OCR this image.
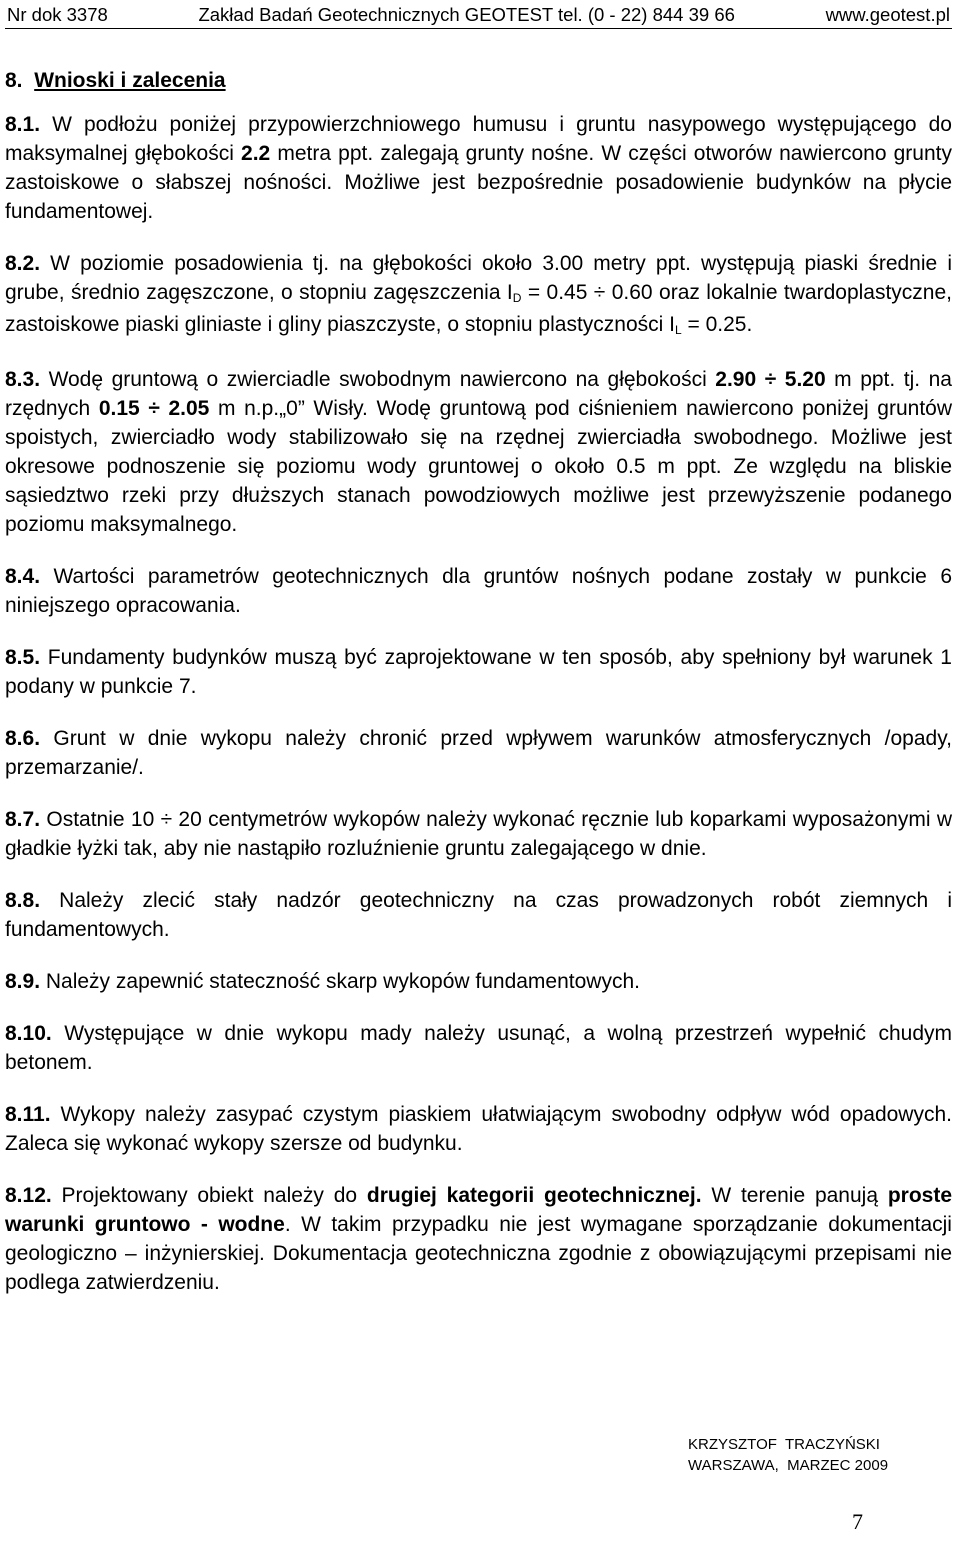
Nr dok 3378	Zakład Badań Geotechnicznych GEOTEST tel. (0 - 22) 844 39 66	www.geotest.pl
8. Wnioski i zalecenia

8.1. W podłożu poniżej przypowierzchniowego humusu i gruntu nasypowego występującego do maksymalnej głębokości 2.2 metra ppt. zalegają grunty nośne. W części otworów nawiercono grunty zastoiskowe o słabszej nośności. Możliwe jest bezpośrednie posadowienie budynków na płycie fundamentowej.

8.2. W poziomie posadowienia tj. na głębokości około 3.00 metry ppt. występują piaski średnie i grube, średnio zagęszczone, o stopniu zagęszczenia $I_D = 0.45 \div 0.60$ oraz lokalnie twardoplastyczne, zastoiskowe piaski gliniaste i gliny piaszczyste, o stopniu plastyczności $I_L = 0.25$.

8.3. Wodę gruntową o zwierciadle swobodnym nawiercono na głębokości 2.90 ÷ 5.20 m ppt. tj. na rzędnych 0.15 ÷ 2.05 m n.p.„0” Wisły. Wodę gruntową pod ciśnieniem nawiercono poniżej gruntów spoistych, zwierciadło wody stabilizowało się na rzędnej zwierciadła swobodnego. Możliwe jest okresowe podnoszenie się poziomu wody gruntowej o około 0.5 m ppt. Ze względu na bliskie sąsiedztwo rzeki przy dłuższych stanach powodziowych możliwe jest przewyższenie podanego poziomu maksymalnego.

8.4. Wartości parametrów geotechnicznych dla gruntów nośnych podane zostały w punkcie 6 niniejszego opracowania.

8.5. Fundamenty budynków muszą być zaprojektowane w ten sposób, aby spełniony był warunek 1 podany w punkcie 7.

8.6. Grunt w dnie wykopu należy chronić przed wpływem warunków atmosferycznych /opady, przemarzanie/.

8.7. Ostatnie 10 ÷ 20 centymetrów wykopów należy wykonać ręcznie lub koparkami wyposażonymi w gładkie łyżki tak, aby nie nastąpiło rozluźnienie gruntu zalegającego w dnie.

8.8. Należy zlecić stały nadzór geotechniczny na czas prowadzonych robót ziemnych i fundamentowych.

8.9. Należy zapewnić stateczność skarp wykopów fundamentowych.

8.10. Występujące w dnie wykopu mady należy usunąć, a wolną przestrzeń wypełnić chudym betonem.

8.11. Wykopy należy zasypać czystym piaskiem ułatwiającym swobodny odpływ wód opadowych. Zaleca się wykonać wykopy szersze od budynku.

8.12. Projektowany obiekt należy do drugiej kategorii geotechnicznej. W terenie panują proste warunki gruntowo - wodne. W takim przypadku nie jest wymagane sporządzanie dokumentacji geologiczno – inżynierskiej. Dokumentacja geotechniczna zgodnie z obowiązującymi przepisami nie podlega zatwierdzeniu.

KRZYSZTOF  TRACZYŃSKI
WARSZAWA,  MARZEC 2009
7
